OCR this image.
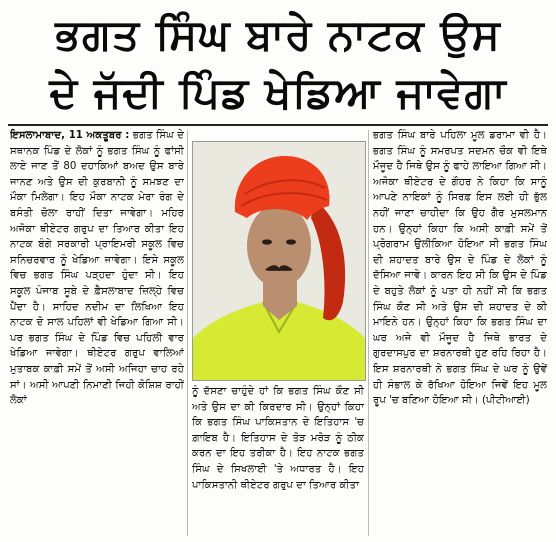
ਭਗਤ ਸਿੰਘ ਬਾਰੇ ਨਾਟਕ ਉਸ
ਦੇ ਜੱਦੀ ਪਿੰਡ ਖੇਡਿਆ ਜਾਵੇਗਾ

ਇਸਲਾਮਾਬਾਦ, 11 ਅਕਤੂਬਰ : ਭਗਤ ਸਿੰਘ ਦੇ ਸਥਾਨਕ ਪਿੰਡ ਦੇ ਲੋਕਾਂ ਨੂੰ ਭਗਤ ਸਿੰਘ ਨੂੰ ਫਾਂਸੀ ਲਾਏ ਜਾਣ ਤੋਂ 80 ਦਹਾਕਿਆਂ ਬਅਦ ਉਸ ਬਾਰੇ ਜਾਨਣ ਅਤੇ ਉਸ ਦੀ ਕੁਰਬਾਨੀ ਨੂੰ ਸਮਝਣ ਦਾ ਮੌਕਾ ਮਿਲੇਗਾ। ਇਹ ਮੌਕਾ ਨਾਟਕ ਮੇਰਾ ਰੰਗ ਦੇ ਬਸੰਤੀ ਚੋਲਾ ਰਾਹੀਂ ਦਿਤਾ ਜਾਵੇਗਾ। ਮਹਿਰ ਅਜੋਕਾ ਥੀਏਟਰ ਗਰੁਪ ਦਾ ਤਿਆਰ ਕੀਤਾ ਇਹ ਨਾਟਕ ਬੰਗੇ ਸਰਕਾਰੀ ਪ੍ਰਾਇਮਰੀ ਸਕੂਲ ਵਿਚ ਸਨਿਚਰਵਾਰ ਨੂੰ ਖੇਡਿਆ ਜਾਵੇਗਾ। ਇਸੇ ਸਕੂਲ ਵਿਚ ਭਗਤ ਸਿੰਘ ਪੜ੍ਹਦਾ ਹੁੰਦਾ ਸੀ। ਇਹ ਸਕੂਲ ਪੰਜਾਬ ਸੂਬੇ ਦੇ ਫ਼ੈਸਲਾਬਾਦ ਜ਼ਿਲ੍ਹੇ ਵਿਚ ਪੈਂਦਾ ਹੈ। ਸਾਹਿਦ ਨਦੀਮ ਦਾ ਲਿਖਿਆ ਇਹ ਨਾਟਕ ਦੋ ਸਾਲ ਪਹਿਲਾਂ ਵੀ ਖੇਡਿਆ ਗਿਆ ਸੀ। ਪਰ ਭਗਤ ਸਿੰਘ ਦੇ ਪਿੰਡ ਵਿਚ ਪਹਿਲੀ ਵਾਰ ਖੇਡਿਆ ਜਾਵੇਗਾ। ਥੀਏਟਰ ਗਰੁਪ ਵਾਲਿਆਂ ਮੁਤਾਬਕ ਕਾਫ਼ੀ ਸਮੇਂ ਤੋਂ ਅਸੀ ਅਜਿਹਾ ਚਾਹ ਰਹੇ ਸਾਂ। ਅਸੀ ਆਪਣੀ ਨਿਮਾਣੀ ਜਿਹੀ ਕੋਸ਼ਿਸ਼ ਰਾਹੀਂ ਲੋਕਾਂ

ਨੂੰ ਦੱਸਣਾ ਚਾਹੁੰਦੇ ਹਾਂ ਕਿ ਭਗਤ ਸਿੰਘ ਕੌਣ ਸੀ ਅਤੇ ਉਸ ਦਾ ਕੀ ਕਿਰਦਾਰ ਸੀ। ਉਨ੍ਹਾਂ ਕਿਹਾ ਕਿ ਭਗਤ ਸਿੰਘ ਪਾਕਿਸਤਾਨ ਦੇ ਇਤਿਹਾਸ 'ਚ ਗ਼ਾਇਬ ਹੈ। ਇਤਿਹਾਸ ਦੇ ਤੋੜ ਮਰੋੜ ਨੂੰ ਠੀਕ ਕਰਨ ਦਾ ਇਹ ਤਰੀਕਾ ਹੈ। ਇਹ ਨਾਟਕ ਭਗਤ ਸਿੰਘ ਦੇ ਸਿਖਲਾਈ 'ਤੇ ਅਧਾਰਤ ਹੈ। ਇਹ ਪਾਕਿਸਤਾਨੀ ਥੀਏਟਰ ਗਰੁਪ ਦਾ ਤਿਆਰ ਕੀਤਾ

ਭਗਤ ਸਿੰਘ ਬਾਰੇ ਪਹਿਲਾ ਮੂਲ ਡਰਾਮਾ ਵੀ ਹੈ। ਭਗਤ ਸਿੰਘ ਨੂੰ ਸਮਰਪਤ ਸਦਮਨ ਚੌਕ ਵੀ ਇਥੇ ਮੌਜੂਦ ਹੈ ਜਿਥੇ ਉਸ ਨੂੰ ਫਾਹੇ ਲਾਇਆ ਗਿਆ ਸੀ। ਅਜੋਕਾ ਥੀਏਟਰ ਦੇ ਗੌਹਰ ਨੇ ਕਿਹਾ ਕਿ ਸਾਨੂੰ ਆਪਣੇ ਨਾਇਕਾਂ ਨੂੰ ਸਿਰਫ਼ ਇਸ ਲਈ ਹੀ ਭੁੱਲ ਨਹੀਂ ਜਾਣਾ ਚਾਹੀਦਾ ਕਿ ਉਹ ਗੈਰ ਮੁਸਲਮਾਨ ਹਨ। ਉਨ੍ਹਾਂ ਕਿਹਾ ਕਿ ਅਸੀ ਕਾਫ਼ੀ ਸਮੇਂ ਤੋਂ ਪ੍ਰੋਗਰਾਮ ਉਲੀਕਿਆ ਹੋਇਆ ਸੀ ਭਗਤ ਸਿੰਘ ਦੀ ਸ਼ਹਾਦਤ ਬਾਰੇ ਉਸ ਦੇ ਪਿੰਡ ਦੇ ਲੋਕਾਂ ਨੂੰ ਦੱਸਿਆ ਜਾਵੇ। ਕਾਰਨ ਇਹ ਸੀ ਕਿ ਉਸ ਦੇ ਪਿੰਡ ਦੇ ਬਹੁਤੇ ਲੋਕਾਂ ਨੂੰ ਪਤਾ ਹੀ ਨਹੀਂ ਸੀ ਕਿ ਭਗਤ ਸਿੰਘ ਕੌਣ ਸੀ ਅਤੇ ਉਸ ਦੀ ਸ਼ਹਾਦਤ ਦੇ ਕੀ ਮਾਇਨੇ ਹਨ। ਉਨ੍ਹਾਂ ਕਿਹਾ ਕਿ ਭਗਤ ਸਿੰਘ ਦਾ ਘਰ ਅਜੇ ਵੀ ਮੌਜੂਦ ਹੈ ਜਿਥੇ ਭਾਰਤ ਦੇ ਗੁਰਦਾਸਪੁਰ ਦਾ ਸ਼ਰਨਾਰਥੀ ਹੁਣ ਰਹਿ ਰਿਹਾ ਹੈ। ਇਸ ਸ਼ਰਨਾਰਥੀ ਨੇ ਭਗਤ ਸਿੰਘ ਦੇ ਘਰ ਨੂੰ ਉਵੇਂ ਹੀ ਸੰਭਾਲ ਕੇ ਰੱਖਿਆ ਹੋਇਆ ਜਿਵੇਂ ਇਹ ਮੂਲ ਰੂਪ 'ਚ ਬਣਿਆ ਹੋਇਆ ਸੀ। (ਪੀਟੀਆਈ)
